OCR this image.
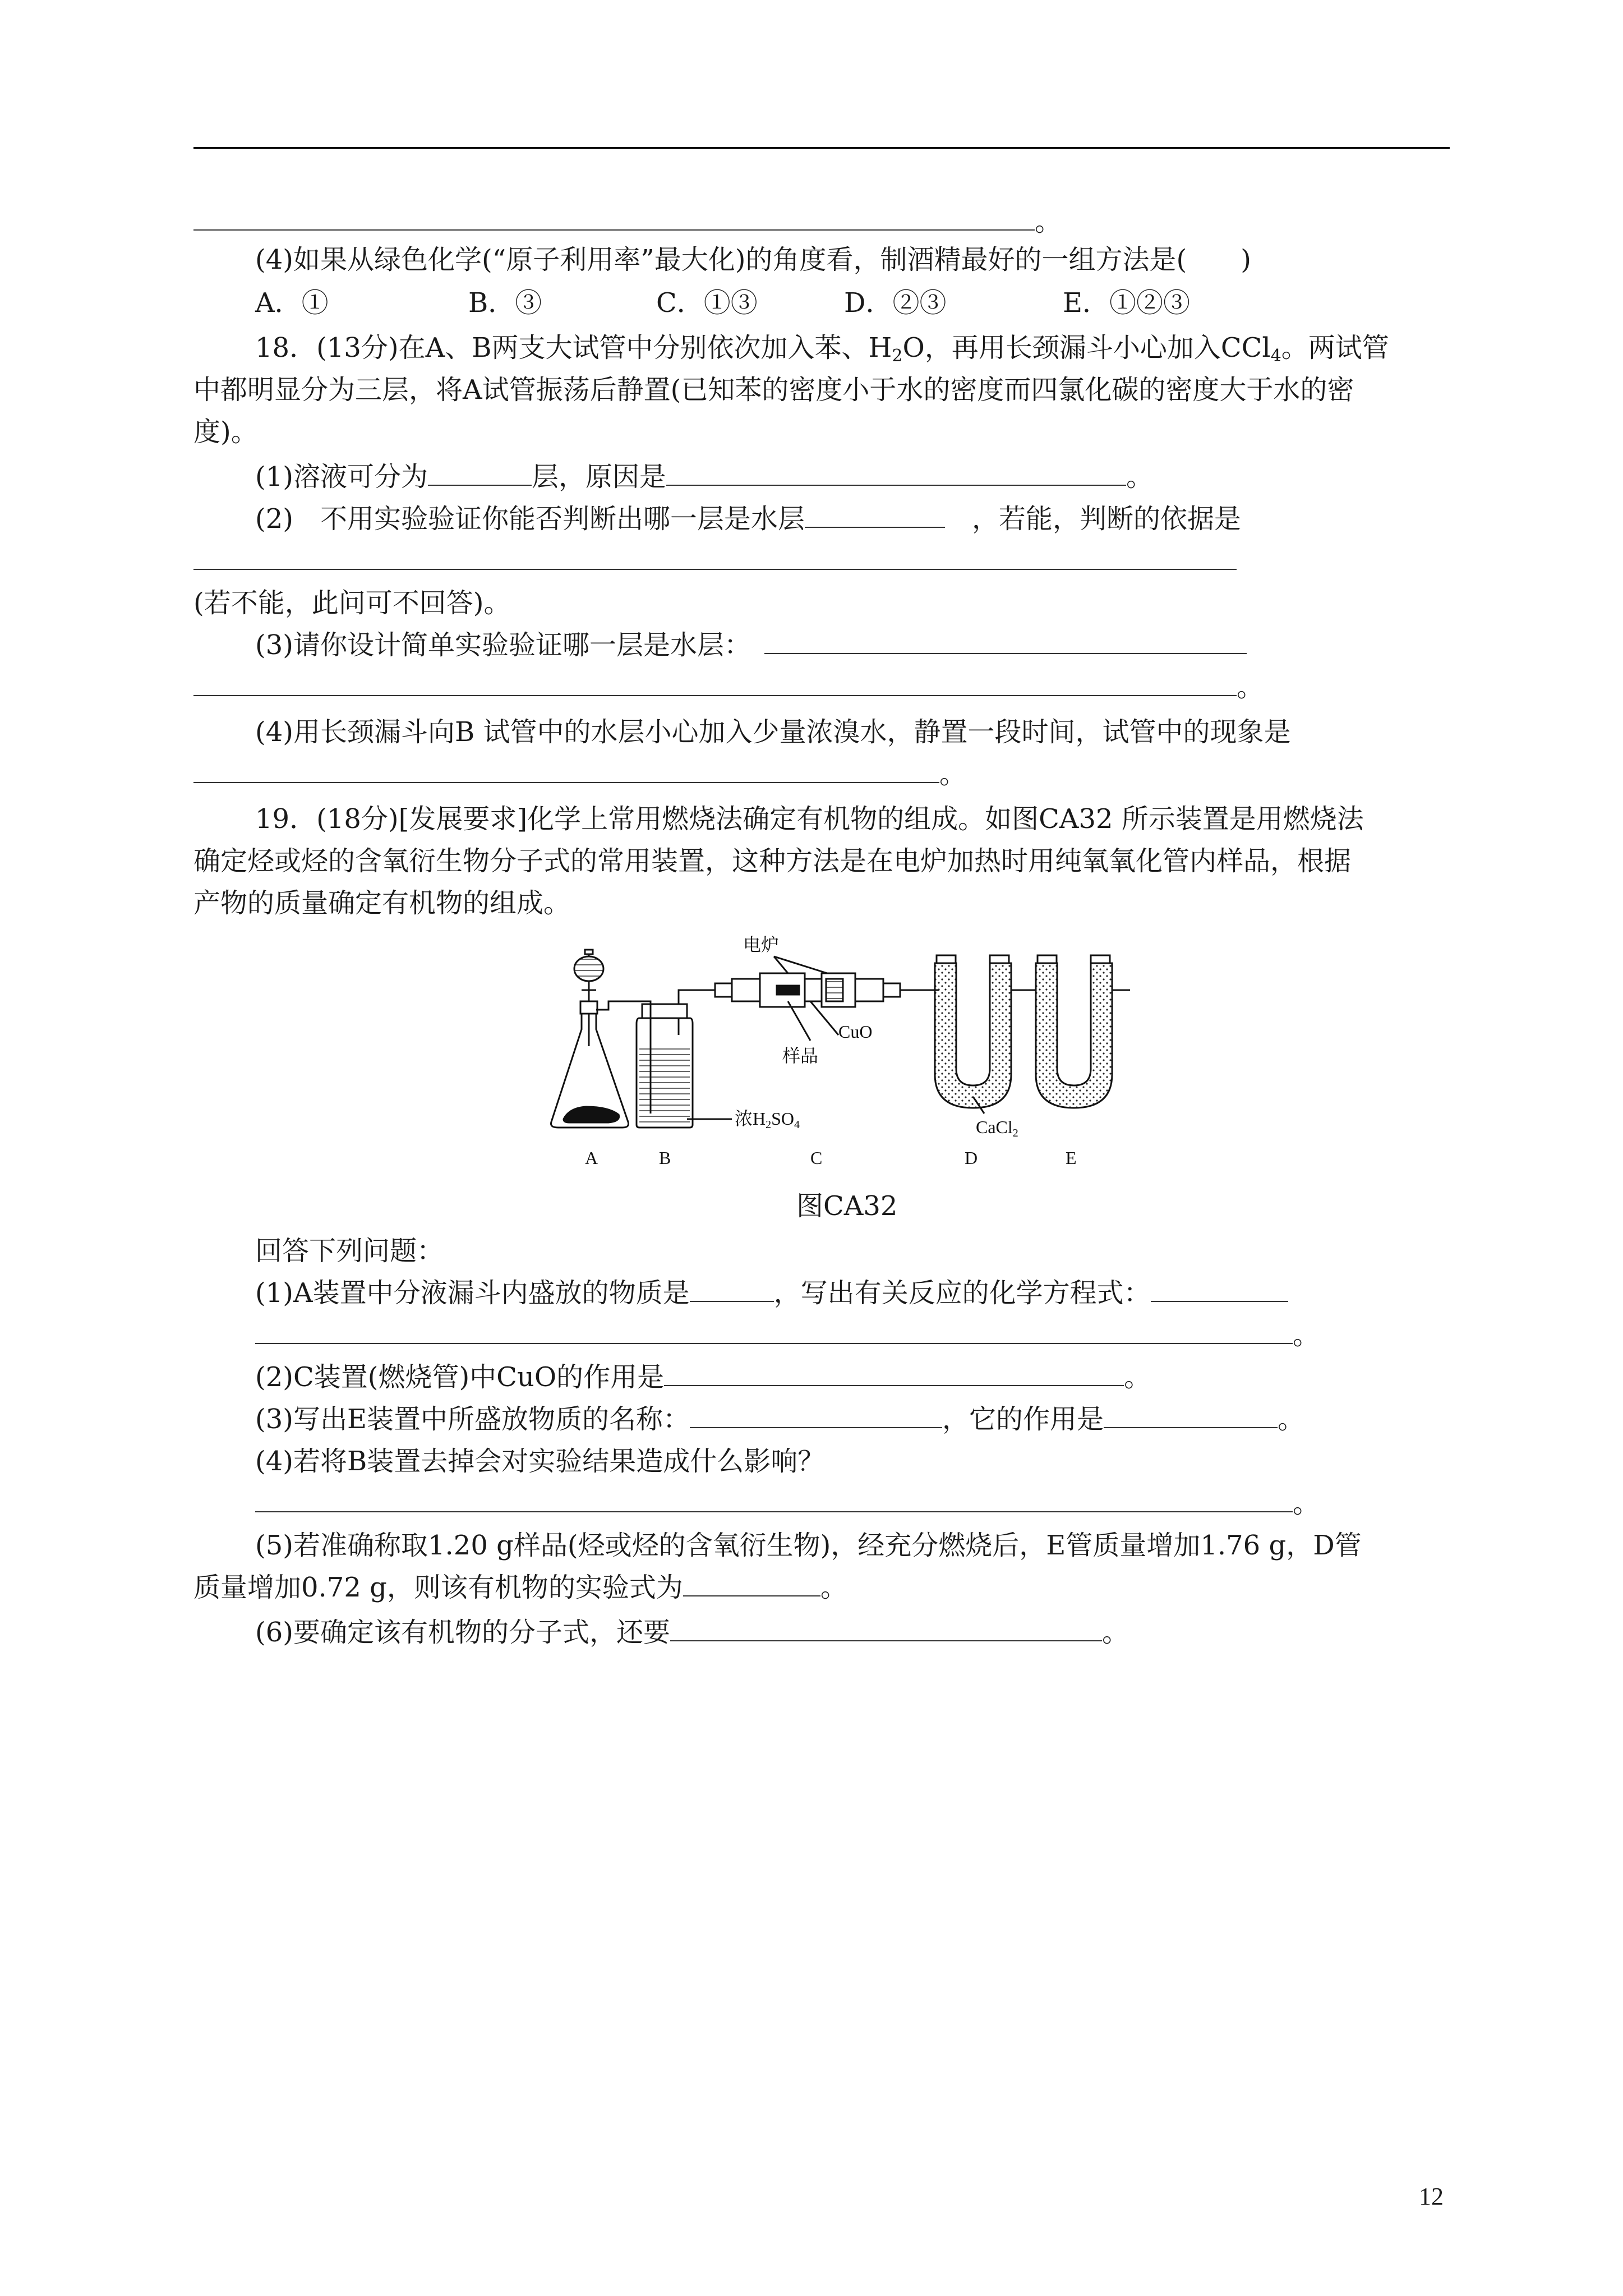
。
(4)如果从绿色化学(“原子利用率”最大化)的角度看，制酒精最好的一组方法是(　　)
A．①	B．③	C．①③	D．②③	E．①②③
18．(13分)在A、B两支大试管中分别依次加入苯、$H_2O$，再用长颈漏斗小心加入CCl$_4$。两试管
中都明显分为三层，将A试管振荡后静置(已知苯的密度小于水的密度而四氯化碳的密度大于水的密
度)。
(1)溶液可分为	层，原因是	。
(2)　不用实验验证你能否判断出哪一层是水层　	，若能，判断的依据是
(若不能，此问可不回答)。
(3)请你设计简单实验验证哪一层是水层：　
。
(4)用长颈漏斗向B 试管中的水层小心加入少量浓溴水，静置一段时间，试管中的现象是
。
19．(18分)[发展要求]化学上常用燃烧法确定有机物的组成。如图CA32 所示装置是用燃烧法
确定烃或烃的含氧衍生物分子式的常用装置，这种方法是在电炉加热时用纯氧氧化管内样品，根据
产物的质量确定有机物的组成。
电炉
CuO
样品
浓H2SO4	CaCl2
A	B	C	D	E
图CA32
回答下列问题：
(1)A装置中分液漏斗内盛放的物质是	，写出有关反应的化学方程式：
。
(2)C装置(燃烧管)中CuO的作用是	。
(3)写出E装置中所盛放物质的名称：	，它的作用是	。
(4)若将B装置去掉会对实验结果造成什么影响？
。
(5)若准确称取1.20 g样品(烃或烃的含氧衍生物)，经充分燃烧后，E管质量增加1.76 g，D管
质量增加0.72 g，则该有机物的实验式为	。
(6)要确定该有机物的分子式，还要	。
12
